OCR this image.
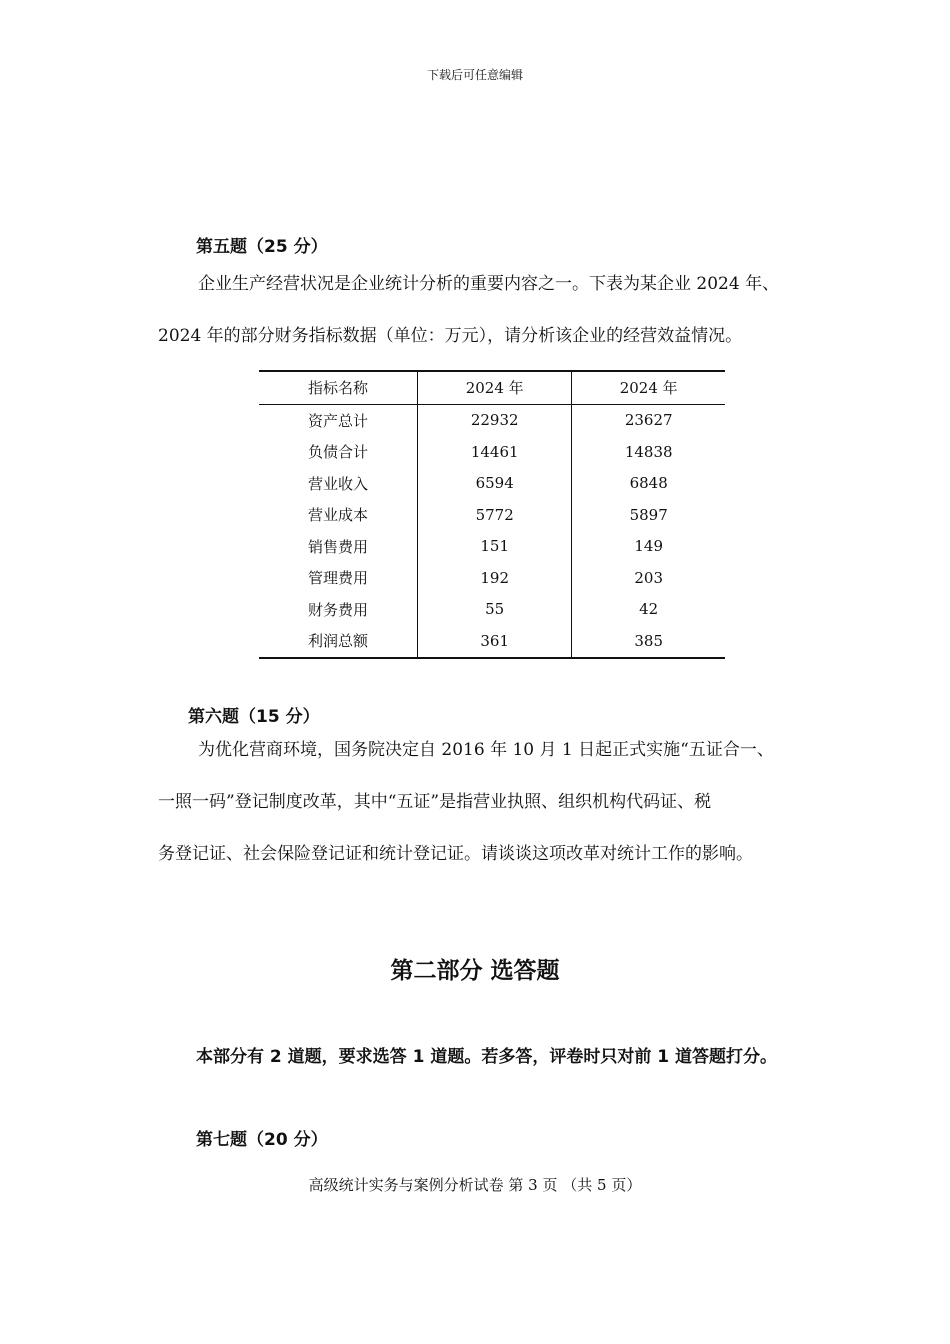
下载后可任意编辑
第五题（25 分）
企业生产经营状况是企业统计分析的重要内容之一。下表为某企业 2024 年、
2024 年的部分财务指标数据（单位：万元），请分析该企业的经营效益情况。
指标名称	2024 年	2024 年
资产总计	22932	23627
负债合计	14461	14838
营业收入	6594	6848
营业成本	5772	5897
销售费用	151	149
管理费用	192	203
财务费用	55	42
利润总额	361	385
第六题（15 分）
为优化营商环境，国务院决定自 2016 年 10 月 1 日起正式实施“五证合一、
一照一码”登记制度改革，其中“五证”是指营业执照、组织机构代码证、税
务登记证、社会保险登记证和统计登记证。请谈谈这项改革对统计工作的影响。
第二部分 选答题
本部分有 2 道题，要求选答 1 道题。若多答，评卷时只对前 1 道答题打分。
第七题（20 分）
高级统计实务与案例分析试卷 第 3 页 （共 5 页）
